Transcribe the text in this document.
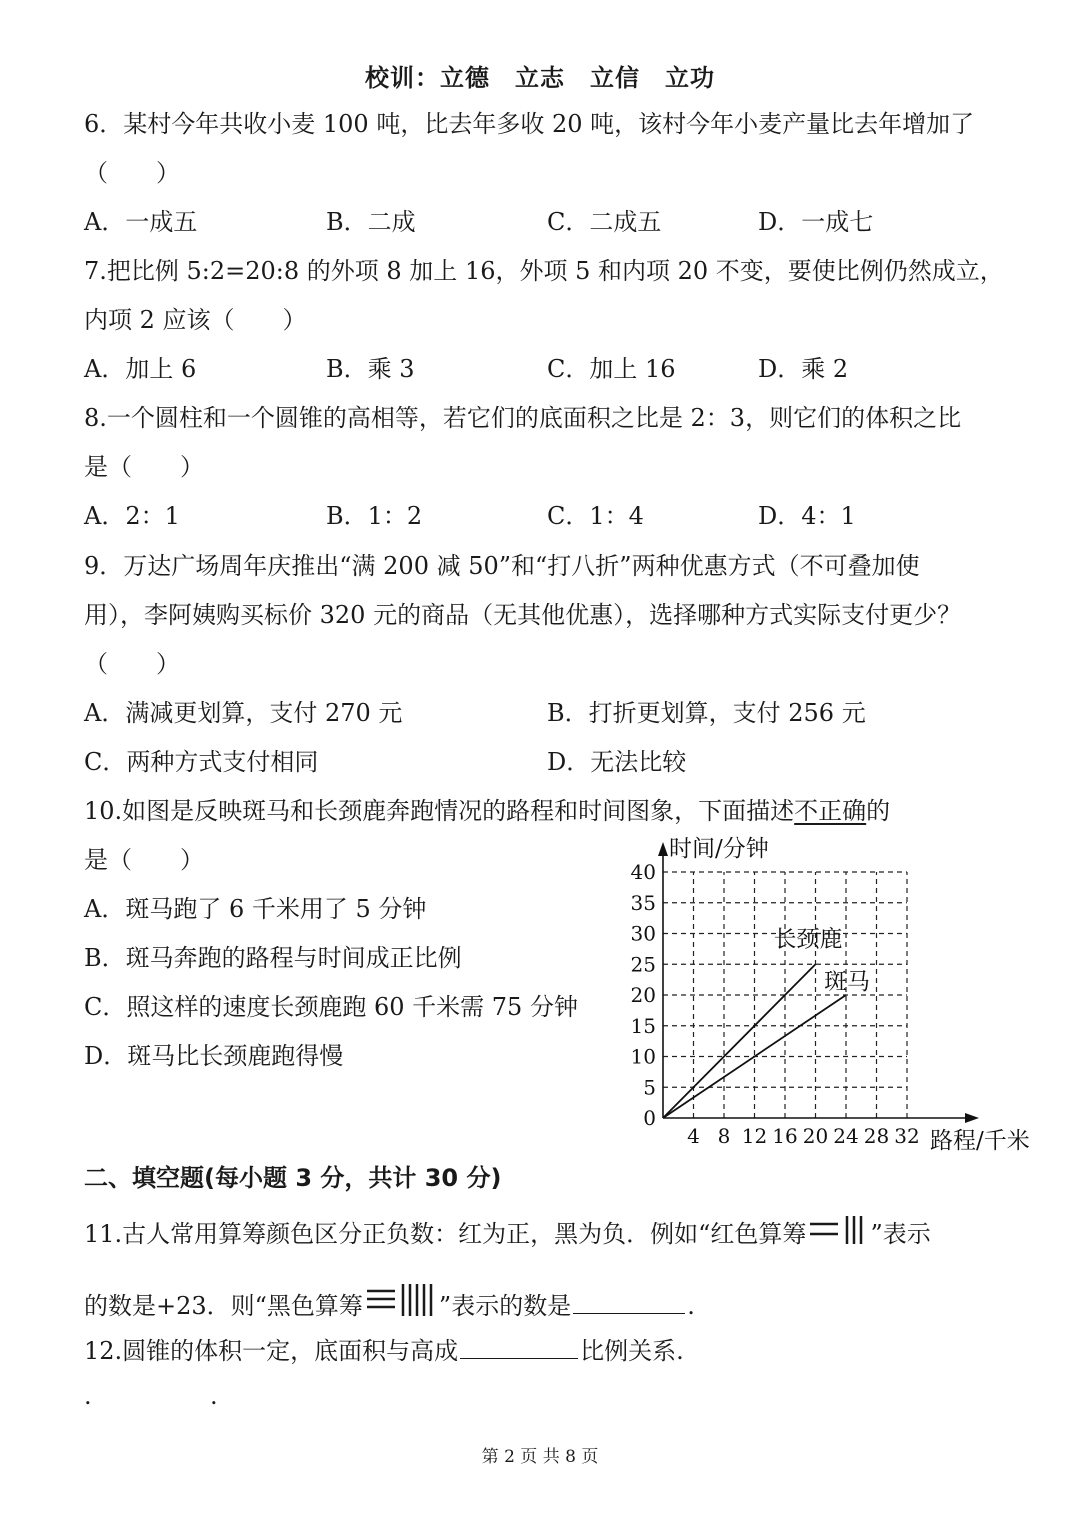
校训：立德　立志　立信　立功
6．某村今年共收小麦 100 吨，比去年多收 20 吨，该村今年小麦产量比去年增加了
（　　）
A．一成五	B．二成	C．二成五	D．一成七
7.把比例 5:2=20:8 的外项 8 加上 16，外项 5 和内项 20 不变，要使比例仍然成立，
内项 2 应该（　　）
A．加上 6	B．乘 3	C．加上 16	D．乘 2
8.一个圆柱和一个圆锥的高相等，若它们的底面积之比是 2：3，则它们的体积之比
是（　　）
A．2：1	B．1：2	C．1：4	D．4：1
9．万达广场周年庆推出“满 200 减 50”和“打八折”两种优惠方式（不可叠加使
用），李阿姨购买标价 320 元的商品（无其他优惠），选择哪种方式实际支付更少？
（　　）
A．满减更划算，支付 270 元	B．打折更划算，支付 256 元
C．两种方式支付相同	D．无法比较
10.如图是反映斑马和长颈鹿奔跑情况的路程和时间图象，下面描述不正确的
是（　　）
A．斑马跑了 6 千米用了 5 分钟
B．斑马奔跑的路程与时间成正比例
C．照这样的速度长颈鹿跑 60 千米需 75 分钟
D．斑马比长颈鹿跑得慢
4 8 12 16 20 24 28 32
5
10
15
20
25
30
35
40
0
时间/分钟
路程/千米
长颈鹿
斑马
二、填空题(每小题 3 分，共计 30 分)
11.古人常用算筹颜色区分正负数：红为正，黑为负．例如“红色算筹	”表示
的数是+23．则“黑色算筹	”表示的数是	.
12.圆锥的体积一定，底面积与高成	比例关系.
.	.
第 2 页 共 8 页
